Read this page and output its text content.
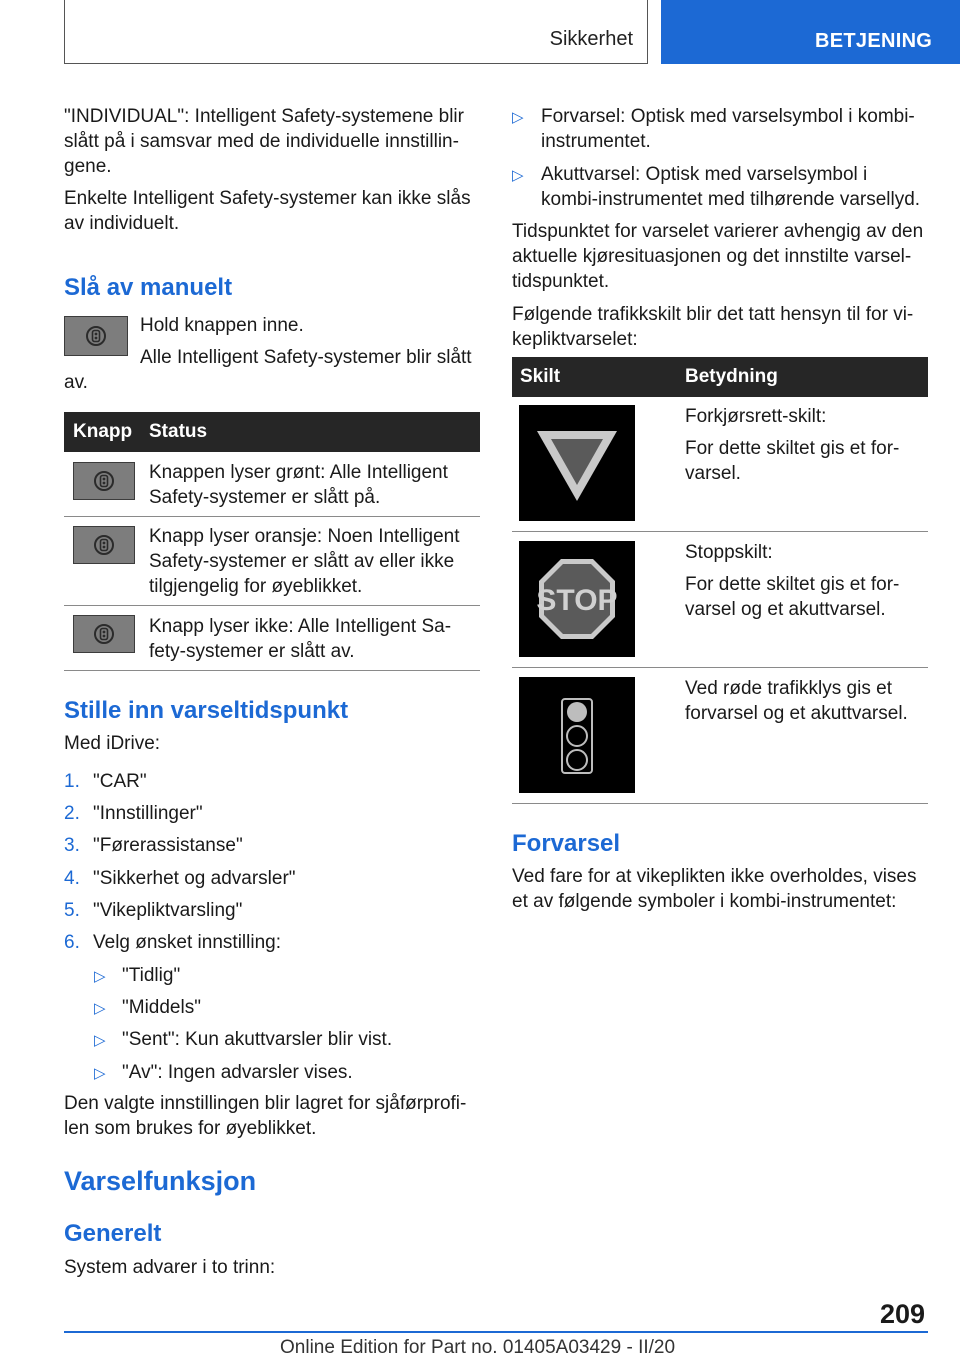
Sikkerhet	BETJENING

"INDIVIDUAL": Intelligent Safety-systemene blir slått på i samsvar med de individuelle innstillin-gene.

Enkelte Intelligent Safety-systemer kan ikke slås av individuelt.

Slå av manuelt

Hold knappen inne.

Alle Intelligent Safety-systemer blir slått av.

Knapp Status

Knappen lyser grønt: Alle Intelligent Safety-systemer er slått på.

Knapp lyser oransje: Noen Intelligent Safety-systemer er slått av eller ikke tilgjengelig for øyeblikket.

Knapp lyser ikke: Alle Intelligent Sa-fety-systemer er slått av.

Stille inn varseltidspunkt

Med iDrive:

1. "CAR"
2. "Innstillinger"
3. "Førerassistanse"
4. "Sikkerhet og advarsler"
5. "Vikepliktvarsling"
6. Velg ønsket innstilling:
▷ "Tidlig"
▷ "Middels"
▷ "Sent": Kun akuttvarsler blir vist.
▷ "Av": Ingen advarsler vises.

Den valgte innstillingen blir lagret for sjåførprofi-len som brukes for øyeblikket.

Varselfunksjon
Generelt

System advarer i to trinn:

▷ Forvarsel: Optisk med varselsymbol i kombi-instrumentet.

▷ Akuttvarsel: Optisk med varselsymbol i kombi-instrumentet med tilhørende varsellyd.

Tidspunktet for varselet varierer avhengig av den aktuelle kjøresituasjonen og det innstilte varsel-tidspunktet.

Følgende trafikkskilt blir det tatt hensyn til for vi-kepliktvarselet:

Skilt	Betydning

Forkjørsrett-skilt:

For dette skiltet gis et for-varsel.

STOP

Stoppskilt:

For dette skiltet gis et for-varsel og et akuttvarsel.

Ved røde trafikklys gis et forvarsel og et akuttvarsel.

Forvarsel

Ved fare for at vikeplikten ikke overholdes, vises et av følgende symboler i kombi-instrumentet:

209
Online Edition for Part no. 01405A03429 - II/20
